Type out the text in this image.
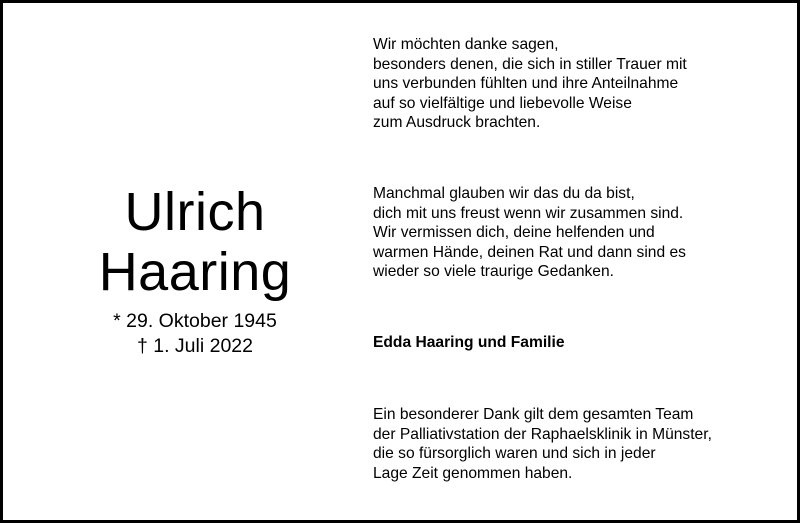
Ulrich
Haaring
* 29. Oktober 1945
† 1. Juli 2022
Wir möchten danke sagen,
besonders denen, die sich in stiller Trauer mit
uns verbunden fühlten und ihre Anteilnahme
auf so vielfältige und liebevolle Weise
zum Ausdruck brachten.
Manchmal glauben wir das du da bist,
dich mit uns freust wenn wir zusammen sind.
Wir vermissen dich, deine helfenden und
warmen Hände, deinen Rat und dann sind es
wieder so viele traurige Gedanken.
Edda Haaring und Familie
Ein besonderer Dank gilt dem gesamten Team
der Palliativstation der Raphaelsklinik in Münster,
die so fürsorglich waren und sich in jeder
Lage Zeit genommen haben.
